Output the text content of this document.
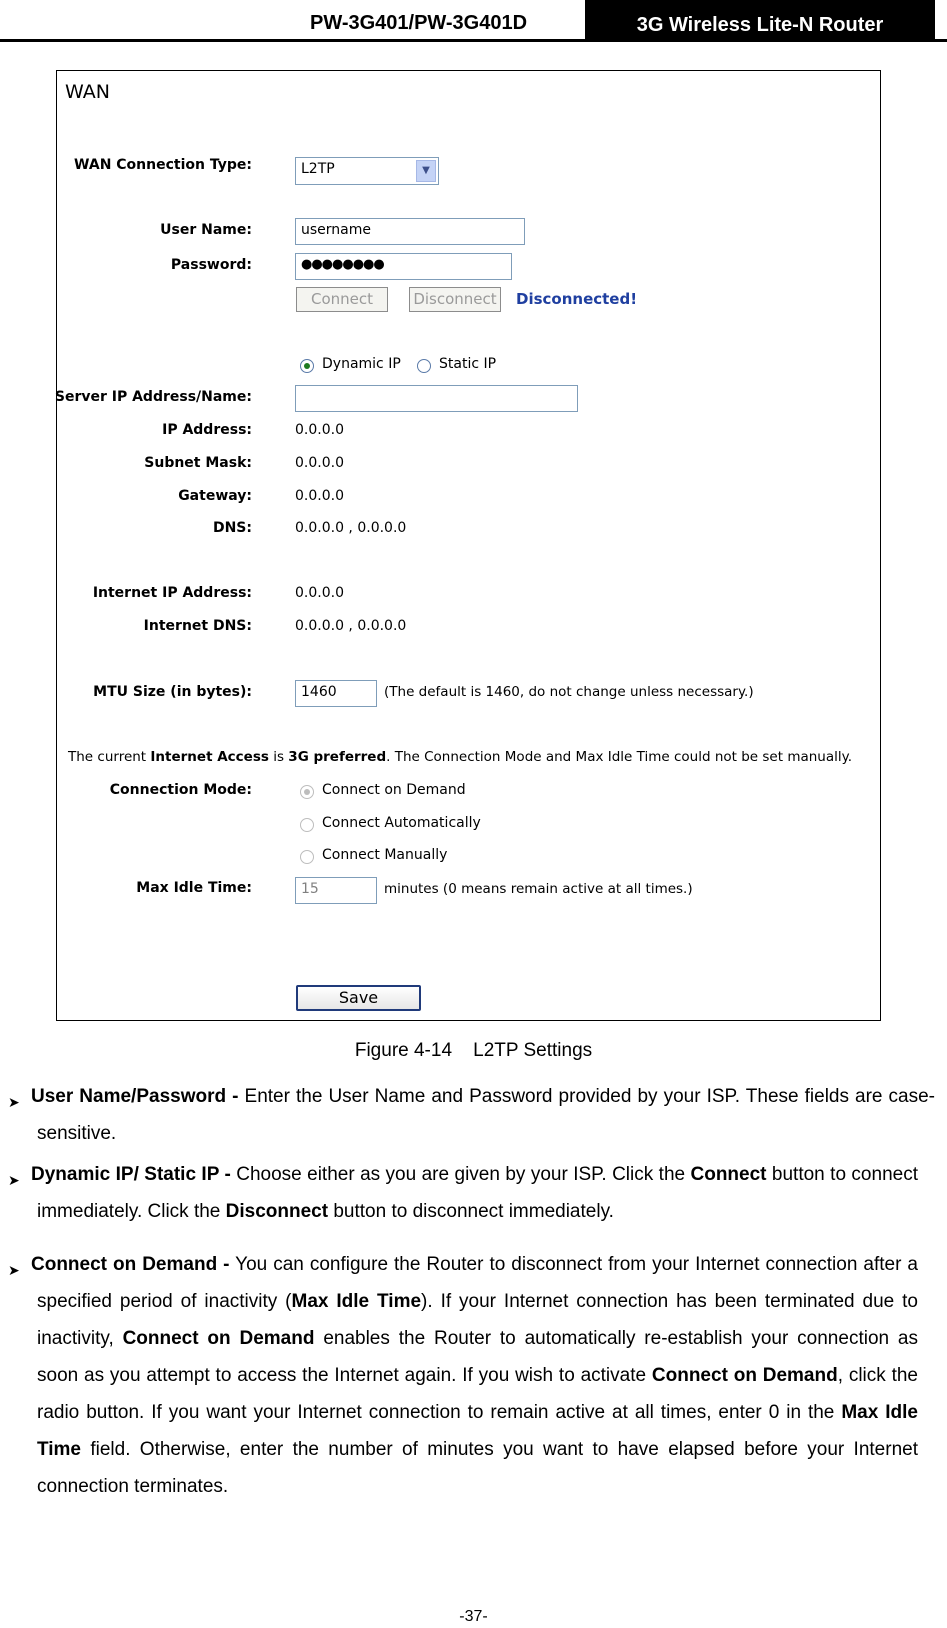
PW-3G401/PW-3G401D	3G Wireless Lite-N Router
WAN
WAN Connection Type:	L2TP	▼
User Name:	username
Password:	●●●●●●●●
Connect	Disconnect Disconnected!
Dynamic IP	Static IP
Server IP Address/Name:
IP Address:	0.0.0.0
Subnet Mask:	0.0.0.0
Gateway:	0.0.0.0
DNS:	0.0.0.0 , 0.0.0.0
Internet IP Address:	0.0.0.0
Internet DNS:	0.0.0.0 , 0.0.0.0
MTU Size (in bytes):	1460	(The default is 1460, do not change unless necessary.)
The current Internet Access is 3G preferred. The Connection Mode and Max Idle Time could not be set manually.
Connection Mode:	Connect on Demand
Connect Automatically
Connect Manually
Max Idle Time:	15	minutes (0 means remain active at all times.)
Save
Figure 4-14    L2TP Settings
➤ User Name/Password - Enter the User Name and Password provided by your ISP. These fields are case-sensitive.
➤ Dynamic IP/ Static IP - Choose either as you are given by your ISP. Click the Connect button to connect immediately. Click the Disconnect button to disconnect immediately.
➤ Connect on Demand - You can configure the Router to disconnect from your Internet connection after a specified period of inactivity (Max Idle Time). If your Internet connection has been terminated due to inactivity, Connect on Demand enables the Router to automatically re-establish your connection as soon as you attempt to access the Internet again. If you wish to activate Connect on Demand, click the radio button. If you want your Internet connection to remain active at all times, enter 0 in the Max Idle Time field. Otherwise, enter the number of minutes you want to have elapsed before your Internet connection terminates.
-37-
